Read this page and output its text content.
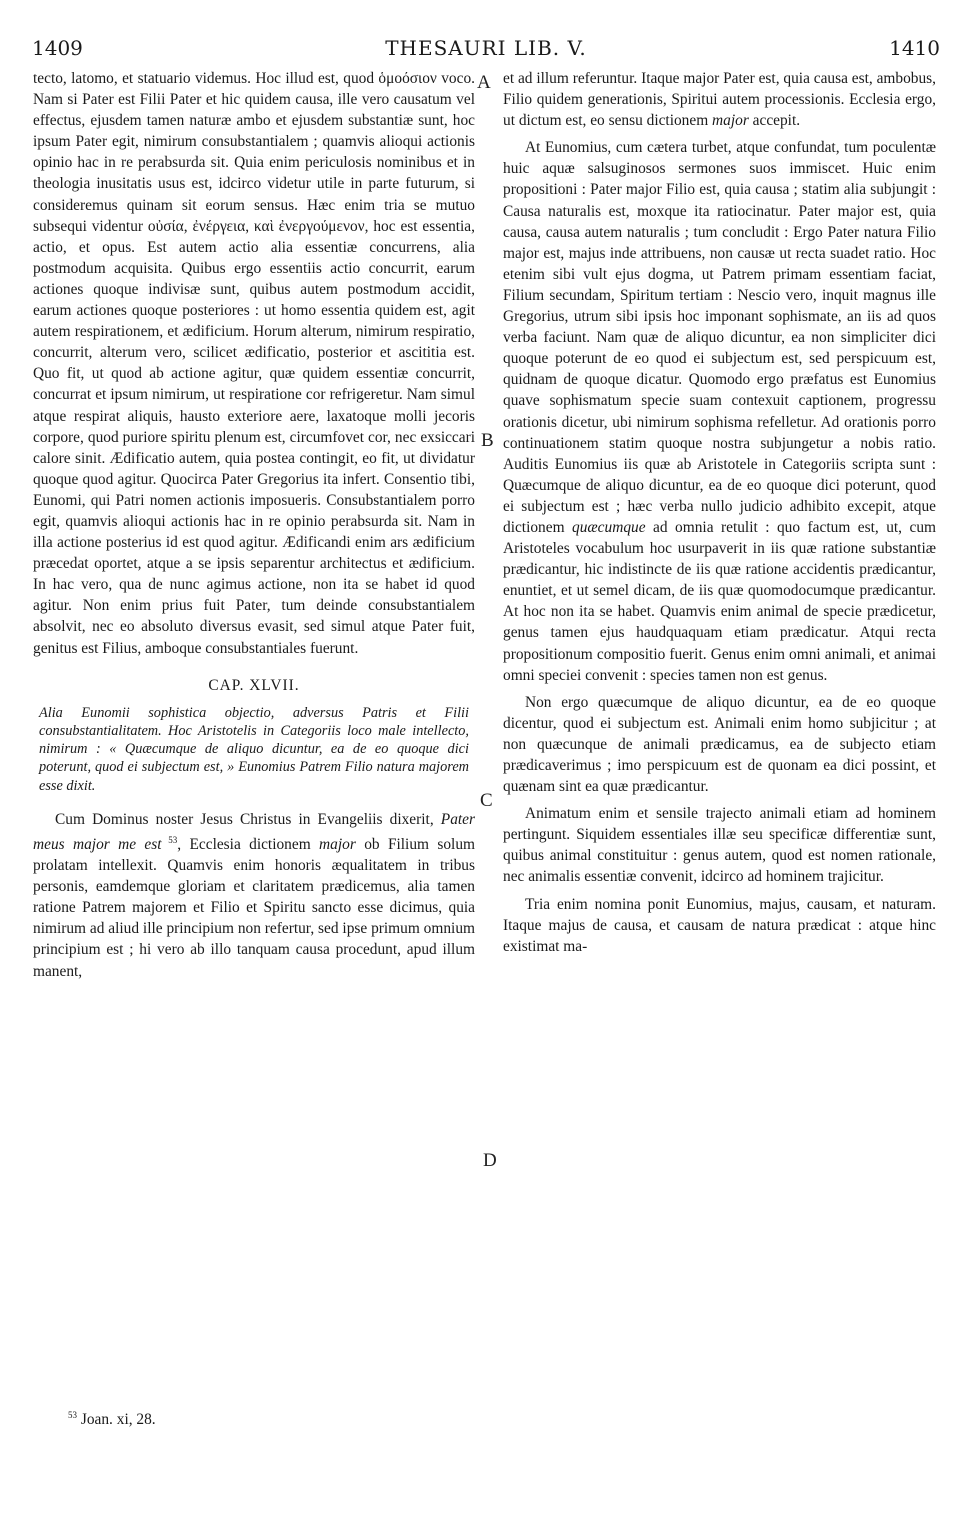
1409	THESAURI LIB. V.	1410

tecto, latomo, et statuario videmus. Hoc illud est, quod ὁμοόσιον voco. Nam si Pater est Filii Pater et hic quidem causa, ille vero causatum vel effectus, ejusdem tamen naturæ ambo et ejusdem substantiæ sunt, hoc ipsum Pater egit, nimirum consubstantialem ; quamvis alioqui actionis opinio hac in re perabsurda sit. Quia enim periculosis nominibus et in theologia inusitatis usus est, idcirco videtur utile in parte futurum, si consideremus quinam sit eorum sensus. Hæc enim tria se mutuo subsequi videntur οὐσία, ἐνέργεια, καὶ ἐνεργούμενον, hoc est essentia, actio, et opus. Est autem actio alia essentiæ concurrens, alia postmodum acquisita. Quibus ergo essentiis actio concurrit, earum actiones quoque indivisæ sunt, quibus autem postmodum accidit, earum actiones quoque posteriores : ut homo essentia quidem est, agit autem respirationem, et ædificium. Horum alterum, nimirum respiratio, concurrit, alterum vero, scilicet ædificatio, posterior et ascititia est. Quo fit, ut quod ab actione agitur, quæ quidem essentiæ concurrit, concurrat et ipsum nimirum, ut respiratione cor refrigeretur. Nam simul atque respirat aliquis, hausto exteriore aere, laxatoque molli jecoris corpore, quod puriore spiritu plenum est, circumfovet cor, nec exsiccari calore sinit. Ædificatio autem, quia postea contingit, eo fit, ut dividatur quoque quod agitur. Quocirca Pater Gregorius ita infert. Consentio tibi, Eunomi, qui Patri nomen actionis imposueris. Consubstantialem porro egit, quamvis alioqui actionis hac in re opinio perabsurda sit. Nam in illa actione posterius id est quod agitur. Ædificandi enim ars ædificium præcedat oportet, atque a se ipsis separentur architectus et ædificium. In hac vero, qua de nunc agimus actione, non ita se habet id quod agitur. Non enim prius fuit Pater, tum deinde consubstantialem absolvit, nec eo absoluto diversus evasit, sed simul atque Pater fuit, genitus est Filius, amboque consubstantiales fuerunt.

CAP. XLVII.

Alia Eunomii sophistica objectio, adversus Patris et Filii consubstantialitatem. Hoc Aristotelis in Categoriis loco male intellecto, nimirum : « Quæcumque de aliquo dicuntur, ea de eo quoque dici poterunt, quod ei subjectum est, » Eunomius Patrem Filio natura majorem esse dixit.

Cum Dominus noster Jesus Christus in Evangeliis dixerit, Pater meus major me est $^{53}$, Ecclesia dictionem major ob Filium solum prolatam intellexit. Quamvis enim honoris æqualitatem in tribus personis, eamdemque gloriam et claritatem prædicemus, alia tamen ratione Patrem majorem et Filio et Spiritu sancto esse dicimus, quia nimirum ad aliud ille principium non refertur, sed ipse primum omnium principium est ; hi vero ab illo tanquam causa procedunt, apud illum manent,

et ad illum referuntur. Itaque major Pater est, quia causa est, ambobus, Filio quidem generationis, Spiritui autem processionis. Ecclesia ergo, ut dictum est, eo sensu dictionem major accepit.

At Eunomius, cum cætera turbet, atque confundat, tum poculentæ huic aquæ salsuginosos sermones suos immiscet. Huic enim propositioni : Pater major Filio est, quia causa ; statim alia subjungit : Causa naturalis est, moxque ita ratiocinatur. Pater major est, quia causa, causa autem naturalis ; tum concludit : Ergo Pater natura Filio major est, majus inde attribuens, non causæ ut recta suadet ratio. Hoc etenim sibi vult ejus dogma, ut Patrem primam essentiam faciat, Filium secundam, Spiritum tertiam : Nescio vero, inquit magnus ille Gregorius, utrum sibi ipsis hoc imponant sophismate, an iis ad quos verba faciunt. Nam quæ de aliquo dicuntur, ea non simpliciter dici quoque poterunt de eo quod ei subjectum est, sed perspicuum est, quidnam de quoque dicatur. Quomodo ergo præfatus est Eunomius quave sophismatum specie suam contexuit captionem, progressu orationis dicetur, ubi nimirum sophisma refelletur. Ad orationis porro continuationem statim quoque nostra subjungetur a nobis ratio. Auditis Eunomius iis quæ ab Aristotele in Categoriis scripta sunt : Quæcumque de aliquo dicuntur, ea de eo quoque dici poterunt, quod ei subjectum est ; hæc verba nullo judicio adhibito excepit, atque dictionem quæcumque ad omnia retulit : quo factum est, ut, cum Aristoteles vocabulum hoc usurpaverit in iis quæ ratione substantiæ prædicantur, hic indistincte de iis quæ ratione accidentis prædicantur, enuntiet, et ut semel dicam, de iis quæ quomodocumque prædicantur. At hoc non ita se habet. Quamvis enim animal de specie prædicetur, genus tamen ejus haudquaquam etiam prædicatur. Atqui recta propositionum compositio fuerit. Genus enim omni animali, et animai omni speciei convenit : species tamen non est genus.

Non ergo quæcumque de aliquo dicuntur, ea de eo quoque dicentur, quod ei subjectum est. Animali enim homo subjicitur ; at non quæcunque de animali prædicamus, ea de subjecto etiam prædicaverimus ; imo perspicuum est de quonam ea dici possint, et quænam sint ea quæ prædicantur.

Animatum enim et sensile trajecto animali etiam ad hominem pertingunt. Siquidem essentiales illæ seu specificæ differentiæ sunt, quibus animal constituitur : genus autem, quod est nomen rationale, nec animalis essentiæ convenit, idcirco ad hominem trajicitur.

Tria enim nomina ponit Eunomius, majus, causam, et naturam. Itaque majus de causa, et causam de natura prædicat : atque hinc existimat ma-

A
B
C
D
$^{53}$ Joan. xi, 28.
